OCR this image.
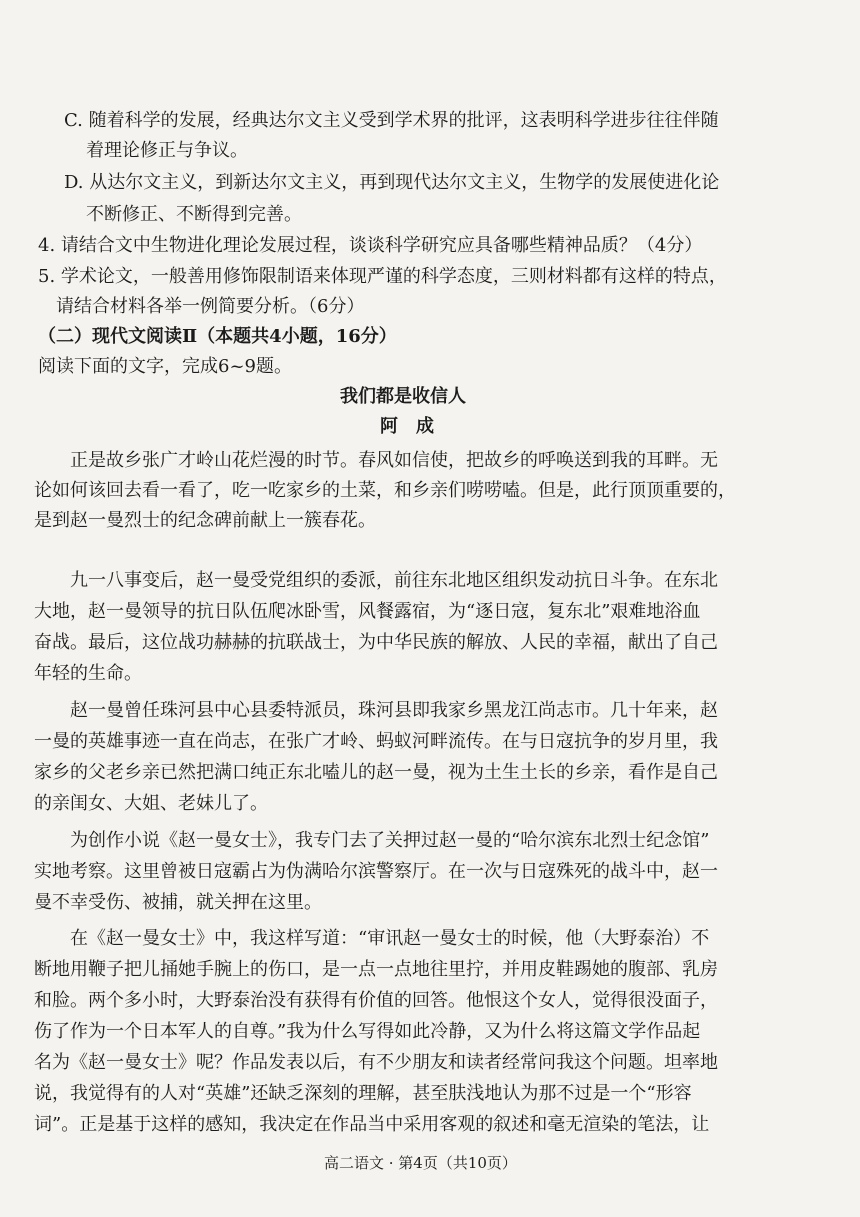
C. 随着科学的发展，经典达尔文主义受到学术界的批评，这表明科学进步往往伴随
着理论修正与争议。
D. 从达尔文主义，到新达尔文主义，再到现代达尔文主义，生物学的发展使进化论
不断修正、不断得到完善。
4. 请结合文中生物进化理论发展过程，谈谈科学研究应具备哪些精神品质？（4分）
5. 学术论文，一般善用修饰限制语来体现严谨的科学态度，三则材料都有这样的特点，
请结合材料各举一例简要分析。（6分）
（二）现代文阅读Ⅱ（本题共4小题，16分）
阅读下面的文字，完成6~9题。
我们都是收信人
阿　成
正是故乡张广才岭山花烂漫的时节。春风如信使，把故乡的呼唤送到我的耳畔。无
论如何该回去看一看了，吃一吃家乡的土菜，和乡亲们唠唠嗑。但是，此行顶顶重要的，
是到赵一曼烈士的纪念碑前献上一簇春花。
九一八事变后，赵一曼受党组织的委派，前往东北地区组织发动抗日斗争。在东北
大地，赵一曼领导的抗日队伍爬冰卧雪，风餐露宿，为“逐日寇，复东北”艰难地浴血
奋战。最后，这位战功赫赫的抗联战士，为中华民族的解放、人民的幸福，献出了自己
年轻的生命。
赵一曼曾任珠河县中心县委特派员，珠河县即我家乡黑龙江尚志市。几十年来，赵
一曼的英雄事迹一直在尚志，在张广才岭、蚂蚁河畔流传。在与日寇抗争的岁月里，我
家乡的父老乡亲已然把满口纯正东北嗑儿的赵一曼，视为土生土长的乡亲，看作是自己
的亲闺女、大姐、老妹儿了。
为创作小说《赵一曼女士》，我专门去了关押过赵一曼的“哈尔滨东北烈士纪念馆”
实地考察。这里曾被日寇霸占为伪满哈尔滨警察厅。在一次与日寇殊死的战斗中，赵一
曼不幸受伤、被捕，就关押在这里。
在《赵一曼女士》中，我这样写道：“审讯赵一曼女士的时候，他（大野泰治）不
断地用鞭子把儿捅她手腕上的伤口，是一点一点地往里拧，并用皮鞋踢她的腹部、乳房
和脸。两个多小时，大野泰治没有获得有价值的回答。他恨这个女人，觉得很没面子，
伤了作为一个日本军人的自尊。”我为什么写得如此冷静，又为什么将这篇文学作品起
名为《赵一曼女士》呢？作品发表以后，有不少朋友和读者经常问我这个问题。坦率地
说，我觉得有的人对“英雄”还缺乏深刻的理解，甚至肤浅地认为那不过是一个“形容
词”。正是基于这样的感知，我决定在作品当中采用客观的叙述和毫无渲染的笔法，让
高二语文 · 第4页（共10页）
